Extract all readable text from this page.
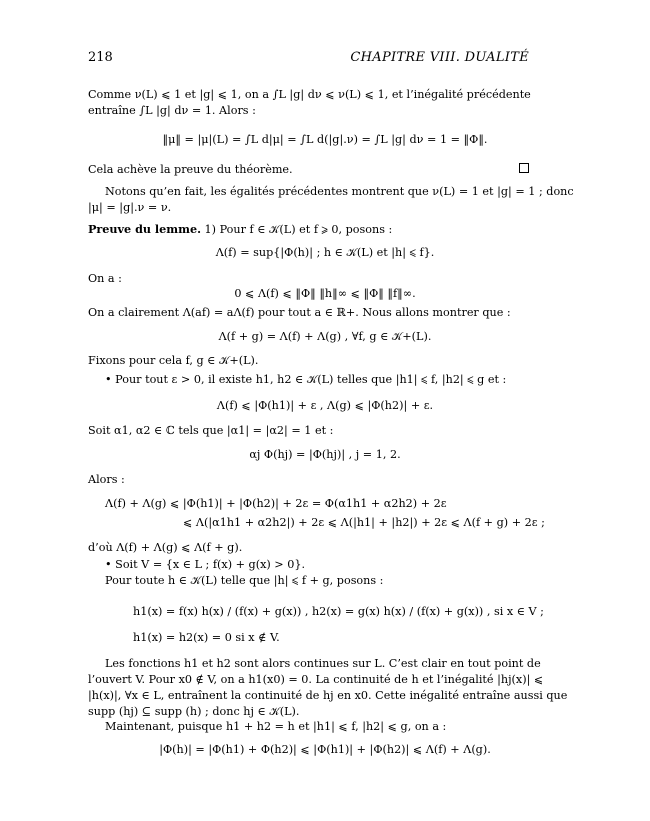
218	CHAPITRE VIII. DUALITÉ
Comme ν(L) ⩽ 1 et |g| ⩽ 1, on a ∫L |g| dν ⩽ ν(L) ⩽ 1, et l’inégalité précédente
entraîne ∫L |g| dν = 1. Alors :
‖μ‖ = |μ|(L) = ∫L d|μ| = ∫L d(|g|.ν) = ∫L |g| dν = 1 = ‖Φ‖.
Cela achève la preuve du théorème.
Notons qu’en fait, les égalités précédentes montrent que ν(L) = 1 et |g| = 1 ; donc
|μ| = |g|.ν = ν.
Preuve du lemme. 1) Pour f ∈ 𝒦(L) et f ⩾ 0, posons :
Λ(f) = sup{|Φ(h)| ; h ∈ 𝒦(L) et |h| ⩽ f}.
On a :
0 ⩽ Λ(f) ⩽ ‖Φ‖ ‖h‖∞ ⩽ ‖Φ‖ ‖f‖∞.
On a clairement Λ(af) = aΛ(f) pour tout a ∈ ℝ+. Nous allons montrer que :
Λ(f + g) = Λ(f) + Λ(g) , ∀f, g ∈ 𝒦+(L).
Fixons pour cela f, g ∈ 𝒦+(L).
• Pour tout ε > 0, il existe h1, h2 ∈ 𝒦(L) telles que |h1| ⩽ f, |h2| ⩽ g et :
Λ(f) ⩽ |Φ(h1)| + ε , Λ(g) ⩽ |Φ(h2)| + ε.
Soit α1, α2 ∈ ℂ tels que |α1| = |α2| = 1 et :
αj Φ(hj) = |Φ(hj)| , j = 1, 2.
Alors :
Λ(f) + Λ(g) ⩽ |Φ(h1)| + |Φ(h2)| + 2ε = Φ(α1h1 + α2h2) + 2ε
⩽ Λ(|α1h1 + α2h2|) + 2ε ⩽ Λ(|h1| + |h2|) + 2ε ⩽ Λ(f + g) + 2ε ;
d’où Λ(f) + Λ(g) ⩽ Λ(f + g).
• Soit V = {x ∈ L ; f(x) + g(x) > 0}.
Pour toute h ∈ 𝒦(L) telle que |h| ⩽ f + g, posons :
h1(x) = f(x) h(x) / (f(x) + g(x)) , h2(x) = g(x) h(x) / (f(x) + g(x)) , si x ∈ V ;
h1(x) = h2(x) = 0 si x ∉ V.
Les fonctions h1 et h2 sont alors continues sur L. C’est clair en tout point de
l’ouvert V. Pour x0 ∉ V, on a h1(x0) = 0. La continuité de h et l’inégalité |hj(x)| ⩽
|h(x)|, ∀x ∈ L, entraînent la continuité de hj en x0. Cette inégalité entraîne aussi que
supp (hj) ⊆ supp (h) ; donc hj ∈ 𝒦(L).
Maintenant, puisque h1 + h2 = h et |h1| ⩽ f, |h2| ⩽ g, on a :
|Φ(h)| = |Φ(h1) + Φ(h2)| ⩽ |Φ(h1)| + |Φ(h2)| ⩽ Λ(f) + Λ(g).
